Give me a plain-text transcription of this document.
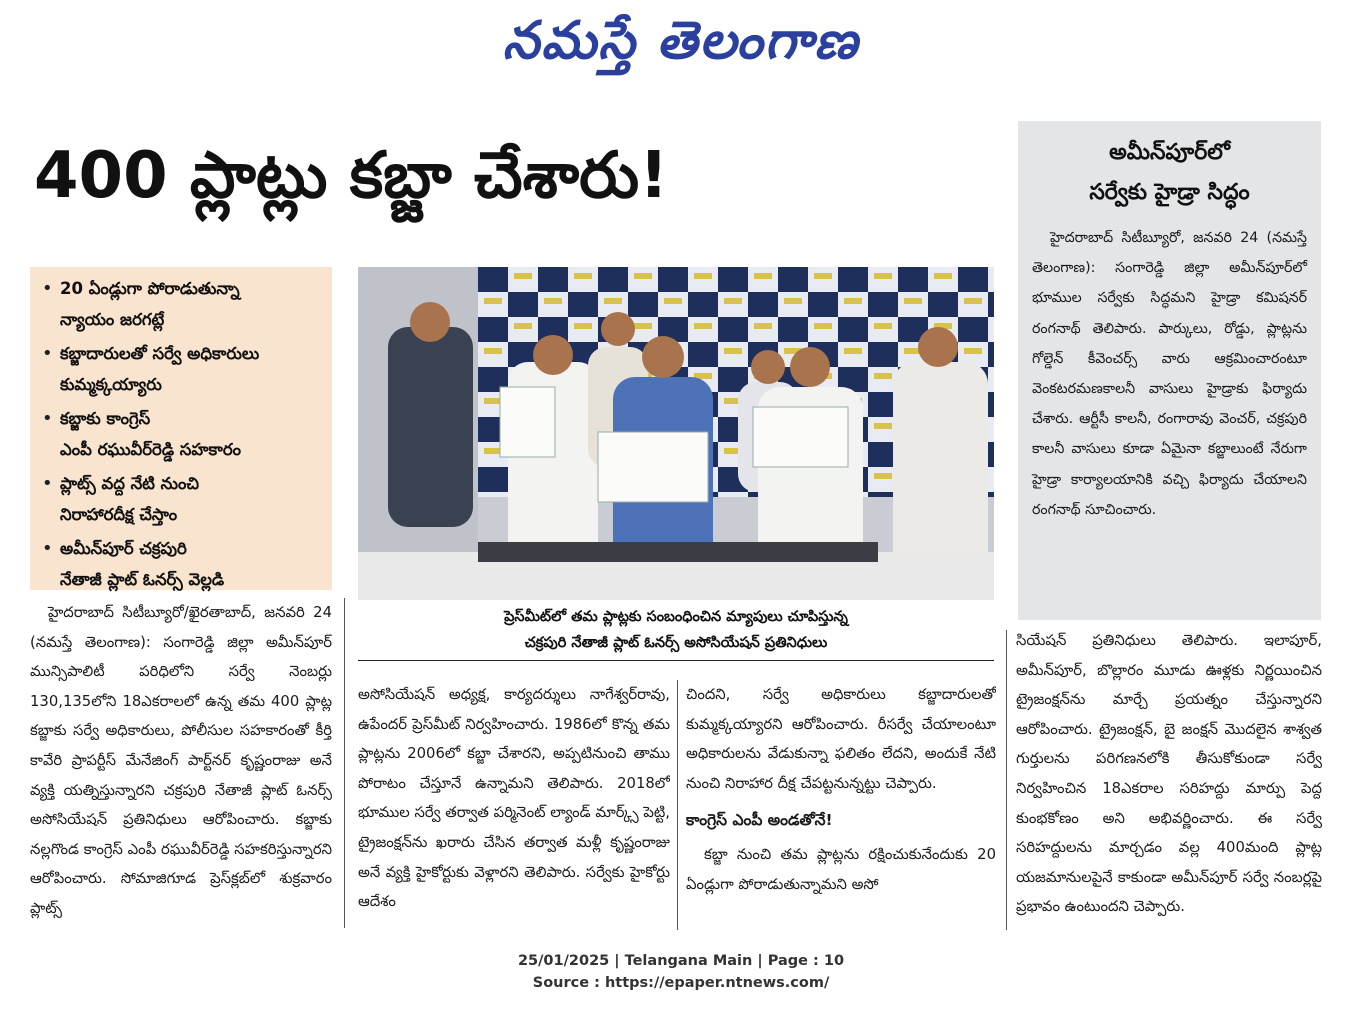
నమస్తే తెలంగాణ
400 ప్లాట్లు కబ్జా చేశారు!
• 20 ఏండ్లుగా పోరాడుతున్నా
న్యాయం జరగట్లే
• కబ్జాదారులతో సర్వే అధికారులు
కుమ్మక్కయ్యారు
• కబ్జాకు కాంగ్రెస్
ఎంపీ రఘువీర్‌రెడ్డి సహకారం
• ప్లాట్స్ వద్ద నేటి నుంచి
నిరాహారదీక్ష చేస్తాం
• అమీన్‌పూర్ చక్రపురి
నేతాజీ ప్లాట్ ఓనర్స్ వెల్లడి
ప్రెస్‌మీట్‌లో తమ ప్లాట్లకు సంబంధించిన మ్యాపులు చూపిస్తున్న
చక్రపురి నేతాజీ ప్లాట్ ఓనర్స్ అసోసియేషన్ ప్రతినిధులు
అమీన్‌పూర్‌లో
సర్వేకు హైడ్రా సిద్ధం
హైదరాబాద్ సిటీబ్యూరో, జనవరి 24 (నమస్తే తెలంగాణ): సంగారెడ్డి జిల్లా అమీన్‌పూర్‌లో భూముల సర్వేకు సిద్ధమని హైడ్రా కమిషనర్ రంగనాథ్ తెలిపారు. పార్కులు, రోడ్డు, ప్లాట్లను గోల్డెన్ కీవెంచర్స్ వారు ఆక్రమించారంటూ వెంకటరమణకాలనీ వాసులు హైడ్రాకు ఫిర్యాదు చేశారు. ఆర్టీసీ కాలనీ, రంగారావు వెంచర్, చక్రపురి కాలనీ వాసులు కూడా ఏమైనా కబ్జాలుంటే నేరుగా హైడ్రా కార్యాలయానికి వచ్చి ఫిర్యాదు చేయాలని రంగనాథ్ సూచించారు.
హైదరాబాద్ సిటీబ్యూరో/ఖైరతాబాద్, జనవరి 24 (నమస్తే తెలంగాణ): సంగారెడ్డి జిల్లా అమీన్‌పూర్ మున్సిపాలిటీ పరిధిలోని సర్వే నెంబర్లు 130,135లోని 18ఎకరాలలో ఉన్న తమ 400 ప్లాట్ల కబ్జాకు సర్వే అధికారులు, పోలీసుల సహకారంతో కీర్తి కావేరి ప్రాపర్టీస్ మేనేజింగ్ పార్ట్‌నర్ కృష్ణంరాజు అనే వ్యక్తి యత్నిస్తున్నారని చక్రపురి నేతాజీ ప్లాట్ ఓనర్స్ అసోసియేషన్ ప్రతినిధులు ఆరోపించారు. కబ్జాకు నల్లగొండ కాంగ్రెస్ ఎంపీ రఘువీర్‌రెడ్డి సహకరిస్తున్నారని ఆరోపించారు. సోమాజిగూడ ప్రెస్‌క్లబ్‌లో శుక్రవారం ప్లాట్స్
అసోసియేషన్ అధ్యక్ష, కార్యదర్శులు నాగేశ్వర్‌రావు, ఉపేందర్ ప్రెస్‌మీట్ నిర్వహించారు. 1986లో కొన్న తమ ప్లాట్లను 2006లో కబ్జా చేశారని, అప్పటినుంచి తాము పోరాటం చేస్తూనే ఉన్నామని తెలిపారు. 2018లో భూముల సర్వే తర్వాత పర్మినెంట్ ల్యాండ్ మార్క్స్ పెట్టి, ట్రైజంక్షన్‌ను ఖరారు చేసిన తర్వాత మళ్లీ కృష్ణంరాజు అనే వ్యక్తి హైకోర్టుకు వెళ్లారని తెలిపారు. సర్వేకు హైకోర్టు ఆదేశం

చిందని, సర్వే అధికారులు కబ్జాదారులతో కుమ్మక్కయ్యారని ఆరోపించారు. రీసర్వే చేయాలంటూ అధికారులను వేడుకున్నా ఫలితం లేదని, అందుకే నేటి నుంచి నిరాహార దీక్ష చేపట్టనున్నట్టు చెప్పారు.

కాంగ్రెస్ ఎంపీ అండతోనే!

కబ్జా నుంచి తమ ప్లాట్లను రక్షించుకునేందుకు 20 ఏండ్లుగా పోరాడుతున్నామని అసో

సియేషన్ ప్రతినిధులు తెలిపారు. ఇలాపూర్, అమీన్‌పూర్, బొల్లారం మూడు ఊళ్లకు నిర్ణయించిన ట్రైజంక్షన్‌ను మార్చే ప్రయత్నం చేస్తున్నారని ఆరోపించారు. ట్రైజంక్షన్, బై జంక్షన్ మొదలైన శాశ్వత గుర్తులను పరిగణనలోకి తీసుకోకుండా సర్వే నిర్వహించిన 18ఎకరాల సరిహద్దు మార్పు పెద్ద కుంభకోణం అని అభివర్ణించారు. ఈ సర్వే సరిహద్దులను మార్చడం వల్ల 400మంది ప్లాట్ల యజమానులపైనే కాకుండా అమీన్‌పూర్ సర్వే నంబర్లపై ప్రభావం ఉంటుందని చెప్పారు.
25/01/2025 | Telangana Main | Page : 10
Source : https://epaper.ntnews.com/
